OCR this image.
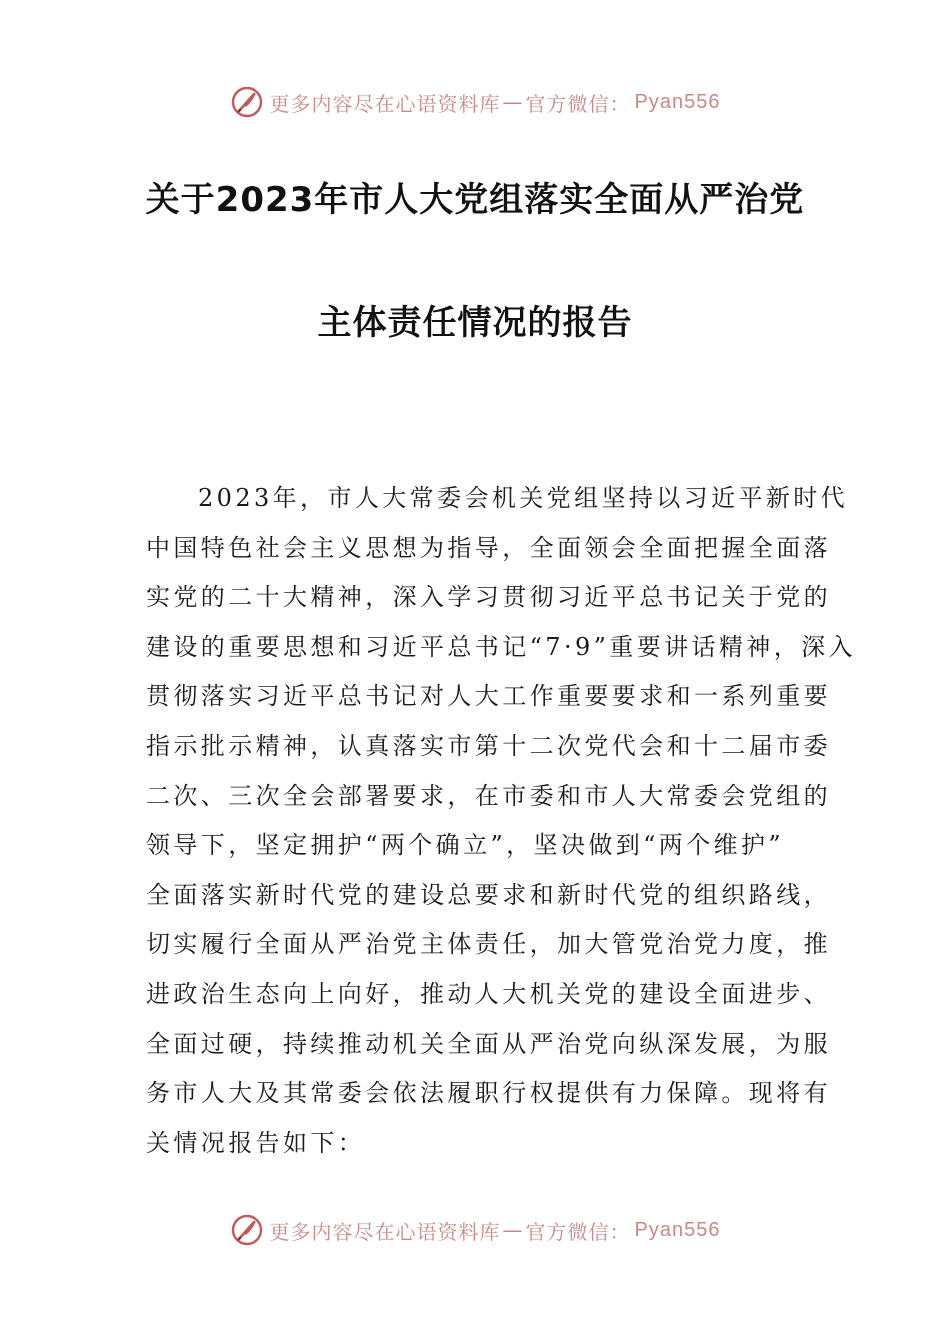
更多内容尽在心语资料库 — 官方微信： Pyan556
关于2023年市人大党组落实全面从严治党
主体责任情况的报告
2023年，市人大常委会机关党组坚持以习近平新时代
中国特色社会主义思想为指导，全面领会全面把握全面落
实党的二十大精神，深入学习贯彻习近平总书记关于党的
建设的重要思想和习近平总书记“7·9”重要讲话精神，深入
贯彻落实习近平总书记对人大工作重要要求和一系列重要
指示批示精神，认真落实市第十二次党代会和十二届市委
二次、三次全会部署要求，在市委和市人大常委会党组的
领导下，坚定拥护“两个确立”，坚决做到“两个维护”
全面落实新时代党的建设总要求和新时代党的组织路线，
切实履行全面从严治党主体责任，加大管党治党力度，推
进政治生态向上向好，推动人大机关党的建设全面进步、
全面过硬，持续推动机关全面从严治党向纵深发展，为服
务市人大及其常委会依法履职行权提供有力保障。现将有
关情况报告如下：
更多内容尽在心语资料库 — 官方微信： Pyan556
